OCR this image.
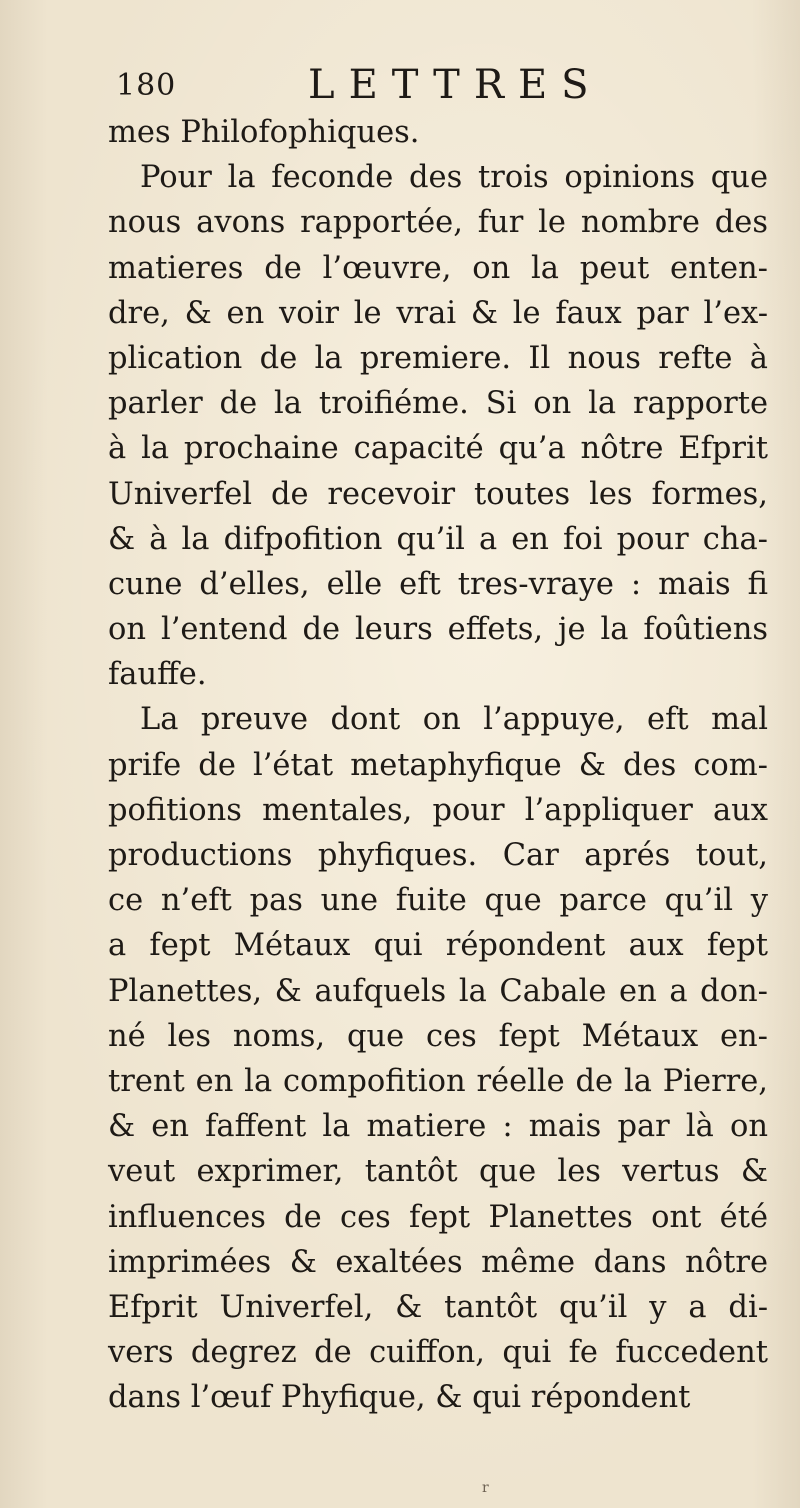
180	LETTRES
mes Philofophiques.
Pour la feconde des trois opinions que
nous avons rapportée, fur le nombre des
matieres de l’œuvre, on la peut enten-
dre, & en voir le vrai & le faux par l’ex-
plication de la premiere. Il nous refte à
parler de la troifiéme. Si on la rapporte
à la prochaine capacité qu’a nôtre Efprit
Univerfel de recevoir toutes les formes,
& à la difpofition qu’il a en foi pour cha-
cune d’elles, elle eft tres-vraye : mais fi
on l’entend de leurs effets, je la foûtiens
fauffe.
La preuve dont on l’appuye, eft mal
prife de l’état metaphyfique & des com-
pofitions mentales, pour l’appliquer aux
productions phyfiques. Car aprés tout,
ce n’eft pas une fuite que parce qu’il y
a fept Métaux qui répondent aux fept
Planettes, & aufquels la Cabale en a don-
né les noms, que ces fept Métaux en-
trent en la compofition réelle de la Pierre,
& en faffent la matiere : mais par là on
veut exprimer, tantôt que les vertus &
influences de ces fept Planettes ont été
imprimées & exaltées même dans nôtre
Efprit Univerfel, & tantôt qu’il y a di-
vers degrez de cuiffon, qui fe fuccedent
dans l’œuf Phyfique, & qui répondent
r
